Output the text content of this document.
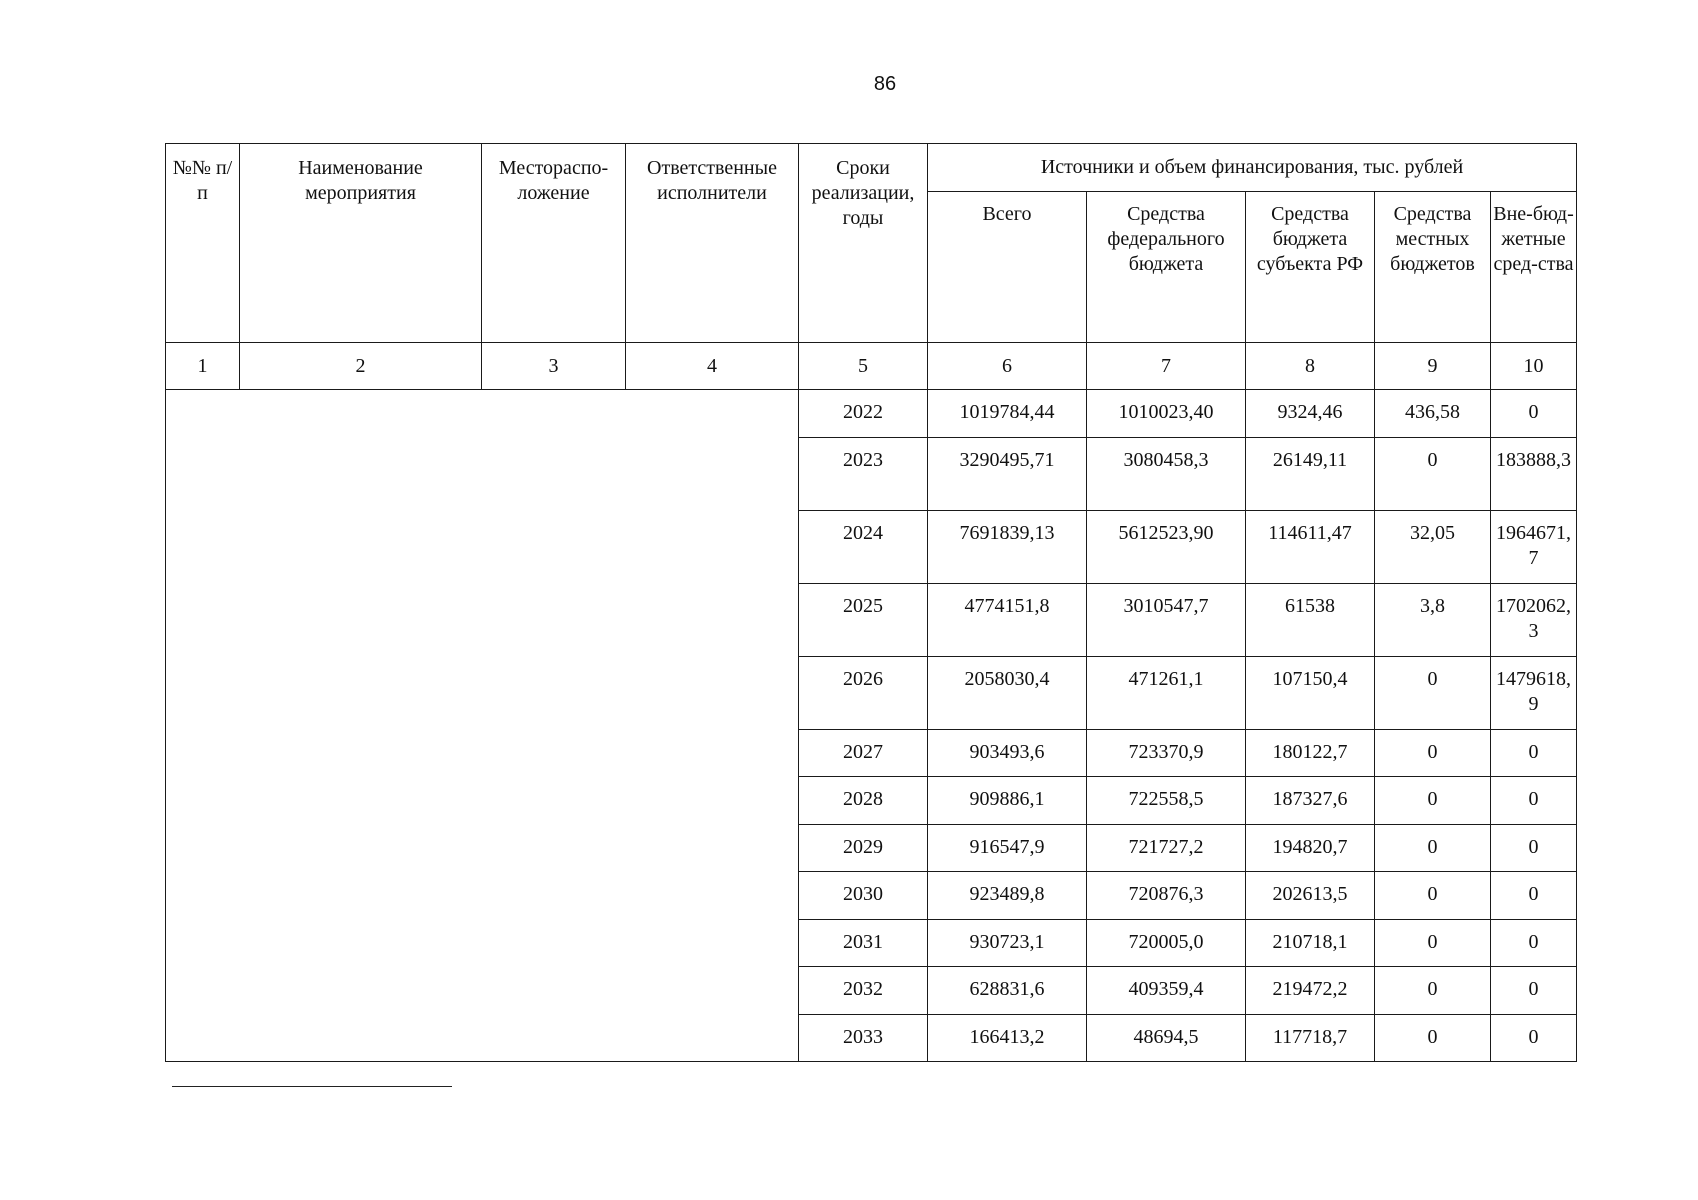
86
№№ п/п	Наименование мероприятия	Местораспо-ложение	Ответственные исполнители	Сроки реализации, годы	Источники и объем финансирования, тыс. рублей				
					Всего	Средства федерального бюджета	Средства бюджета субъекта РФ	Средства местных бюджетов	Вне-бюд-жетные сред-ства
1	2	3	4	5	6	7	8	9	10
				2022	1019784,44	1010023,40	9324,46	436,58	0
				2023	3290495,71	3080458,3	26149,11	0	183888,3
				2024	7691839,13	5612523,90	114611,47	32,05	1964671,7
				2025	4774151,8	3010547,7	61538	3,8	1702062,3
				2026	2058030,4	471261,1	107150,4	0	1479618,9
				2027	903493,6	723370,9	180122,7	0	0
				2028	909886,1	722558,5	187327,6	0	0
				2029	916547,9	721727,2	194820,7	0	0
				2030	923489,8	720876,3	202613,5	0	0
				2031	930723,1	720005,0	210718,1	0	0
				2032	628831,6	409359,4	219472,2	0	0
				2033	166413,2	48694,5	117718,7	0	0
